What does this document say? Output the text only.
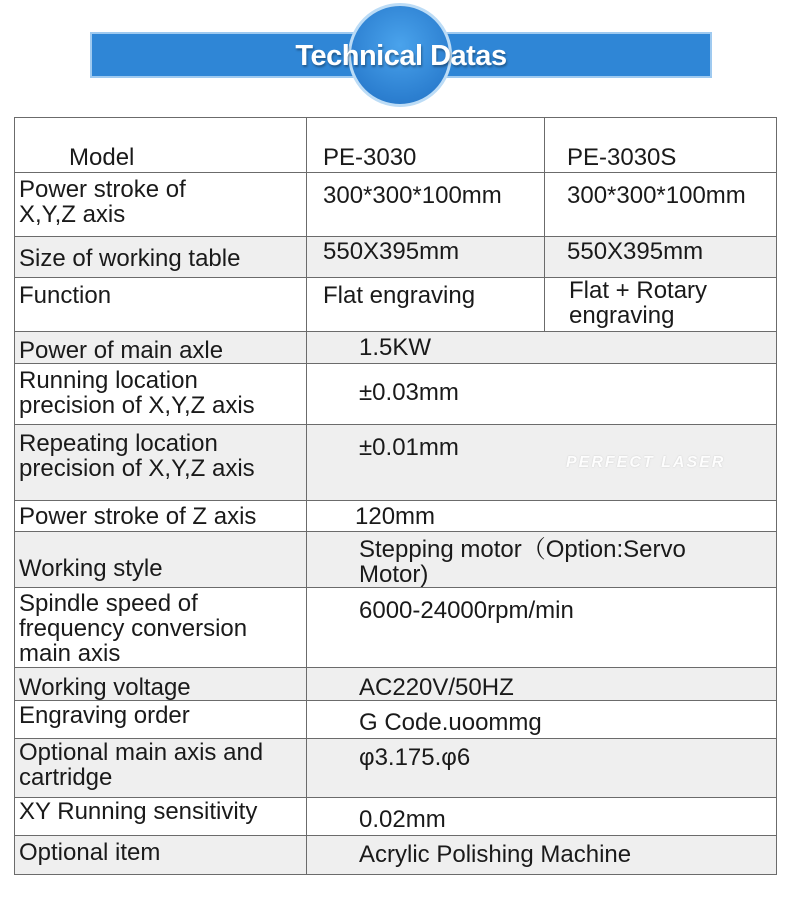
Technical Datas
Model	PE-3030	PE-3030S

Power stroke of
X,Y,Z axis	300*300*100mm	300*300*100mm
Size of working table	550X395mm	550X395mm
Function	Flat engraving	Flat + Rotary
engraving

Power of main axle	1.5KW	

Running location
precision of X,Y,Z axis	±0.03mm	

Repeating location
precision of X,Y,Z axis	±0.01mm	
Power stroke of Z axis	120mm	
Working style	Stepping motor（Option:Servo
Motor)	

Spindle speed of
frequency conversion
main axis	6000-24000rpm/min	
Working voltage	AC220V/50HZ	
Engraving order	G Code.uoommg	

Optional main axis and
cartridge	φ3.175.φ6	
XY Running sensitivity	0.02mm	
Optional item	Acrylic Polishing Machine	
PERFECT LASER
